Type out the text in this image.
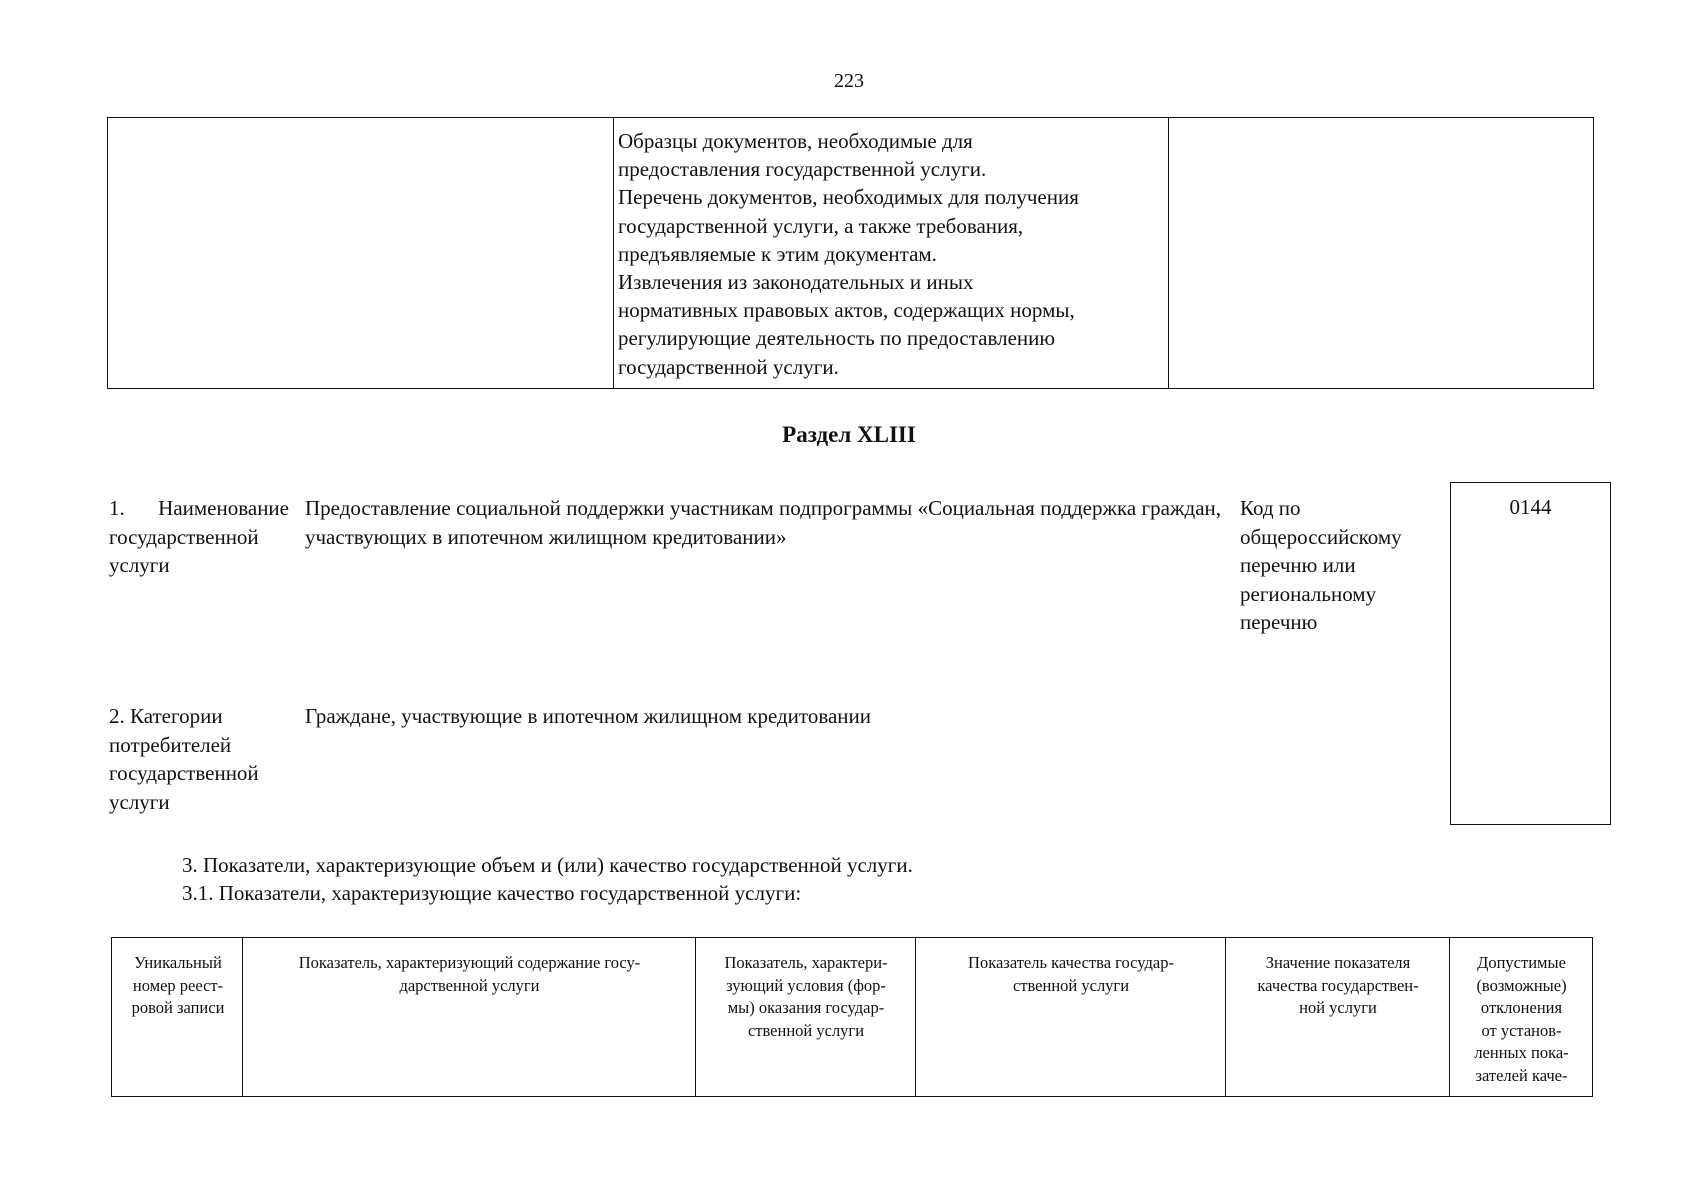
223
Образцы документов, необходимые для
предоставления государственной услуги.
Перечень документов, необходимых для получения
государственной услуги, а также требования,
предъявляемые к этим документам.
Извлечения из законодательных и иных
нормативных правовых актов, содержащих нормы,
регулирующие деятельность по предоставлению
государственной услуги.
Раздел XLIII
1. Наименование государственной услуги
Предоставление социальной поддержки участникам подпрограммы «Социальная поддержка граждан, участвующих в ипотечном жилищном кредитовании»
Код по общероссийскому перечню или региональному перечню
0144
2. Категории потребителей государственной услуги
Граждане, участвующие в ипотечном жилищном кредитовании
3. Показатели, характеризующие объем и (или) качество государственной услуги.
3.1. Показатели, характеризующие качество государственной услуги:
Уникальный
номер реест-
ровой записи
Показатель, характеризующий содержание госу-
дарственной услуги
Показатель, характери-
зующий условия (фор-
мы) оказания государ-
ственной услуги
Показатель качества государ-
ственной услуги
Значение показателя
качества государствен-
ной услуги
Допустимые
(возможные)
отклонения
от установ-
ленных пока-
зателей каче-
